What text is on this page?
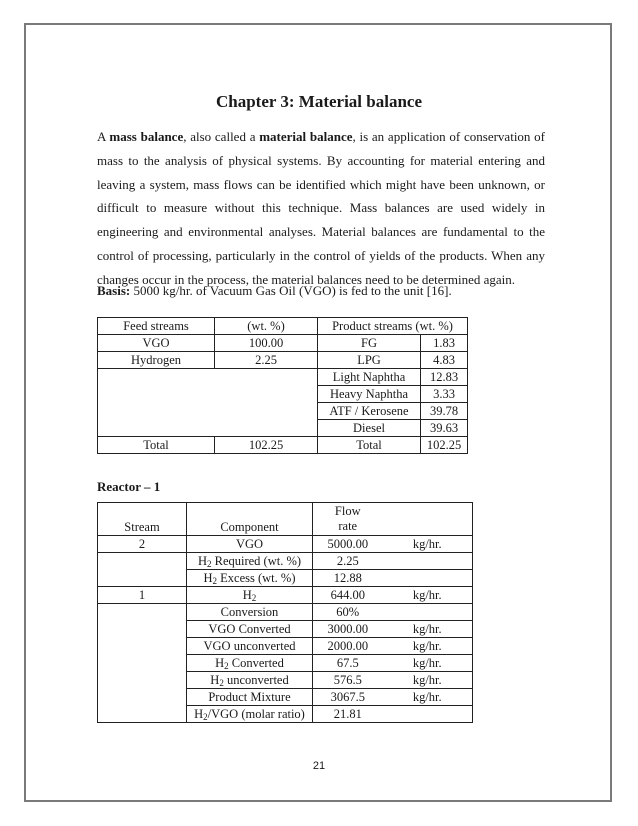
Chapter 3: Material balance
A mass balance, also called a material balance, is an application of conservation of mass to the analysis of physical systems. By accounting for material entering and leaving a system, mass flows can be identified which might have been unknown, or difficult to measure without this technique. Mass balances are used widely in engineering and environmental analyses. Material balances are fundamental to the control of processing, particularly in the control of yields of the products. When any changes occur in the process, the material balances need to be determined again.
Basis: 5000 kg/hr. of Vacuum Gas Oil (VGO) is fed to the unit [16].
Feed streams	(wt. %)	Product streams (wt. %)	
VGO	100.00	FG	1.83
Hydrogen	2.25	LPG	4.83
		Light Naphtha	12.83
		Heavy Naphtha	3.33
		ATF / Kerosene	39.78
		Diesel	39.63
Total	102.25	Total	102.25
Reactor – 1
Stream	Component	Flow
rate	
2	VGO	5000.00	kg/hr.
	$H_2$ Required (wt. %)	2.25	
	$H_2$ Excess (wt. %)	12.88	
1	$H_2$	644.00	kg/hr.
	Conversion	60%	
	VGO Converted	3000.00	kg/hr.
	VGO unconverted	2000.00	kg/hr.
	$H_2$ Converted	67.5	kg/hr.
	$H_2$ unconverted	576.5	kg/hr.
	Product Mixture	3067.5	kg/hr.
	$H_2$/VGO (molar ratio)	21.81	
21
